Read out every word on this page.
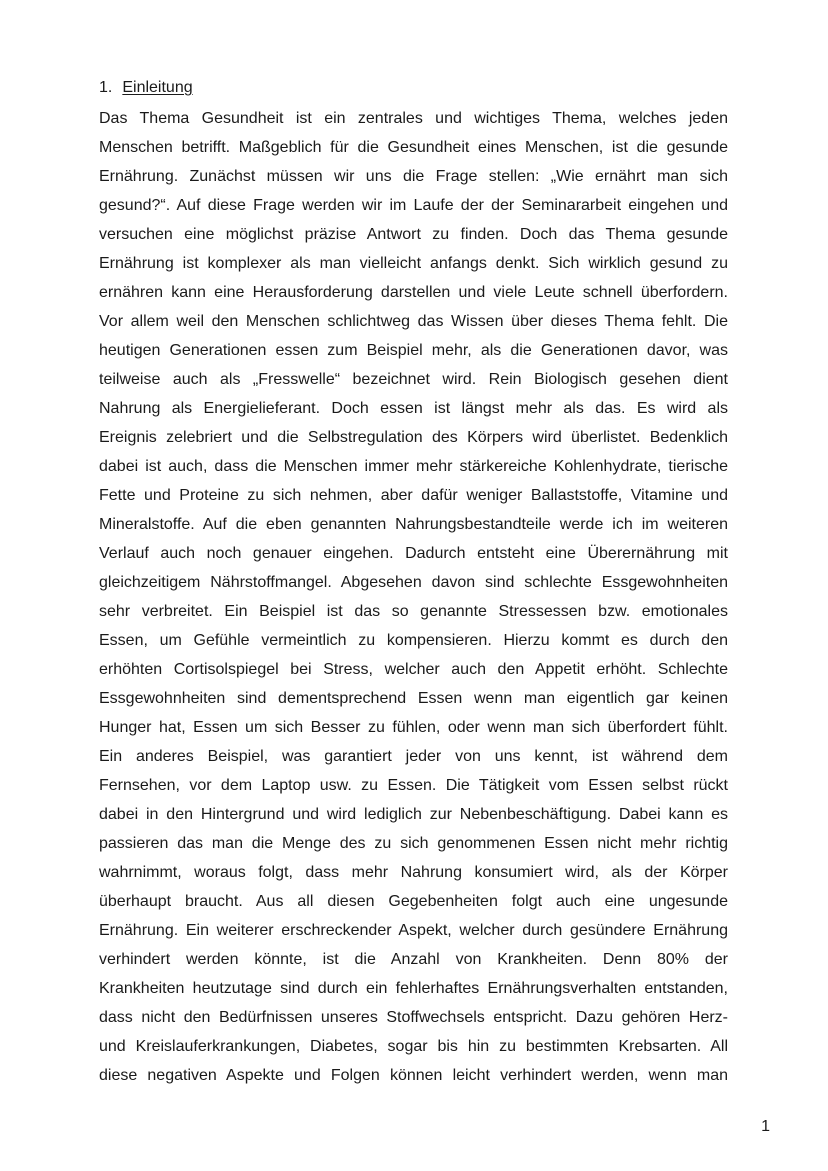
1. Einleitung
Das Thema Gesundheit ist ein zentrales und wichtiges Thema, welches jeden
Menschen betrifft. Maßgeblich für die Gesundheit eines Menschen, ist die gesunde
Ernährung. Zunächst müssen wir uns die Frage stellen: „Wie ernährt man sich
gesund?“. Auf diese Frage werden wir im Laufe der der Seminararbeit eingehen und
versuchen eine möglichst präzise Antwort zu finden. Doch das Thema gesunde
Ernährung ist komplexer als man vielleicht anfangs denkt. Sich wirklich gesund zu
ernähren kann eine Herausforderung darstellen und viele Leute schnell überfordern.
Vor allem weil den Menschen schlichtweg das Wissen über dieses Thema fehlt. Die
heutigen Generationen essen zum Beispiel mehr, als die Generationen davor, was
teilweise auch als „Fresswelle“ bezeichnet wird. Rein Biologisch gesehen dient
Nahrung als Energielieferant. Doch essen ist längst mehr als das. Es wird als
Ereignis zelebriert und die Selbstregulation des Körpers wird überlistet. Bedenklich
dabei ist auch, dass die Menschen immer mehr stärkereiche Kohlenhydrate, tierische
Fette und Proteine zu sich nehmen, aber dafür weniger Ballaststoffe, Vitamine und
Mineralstoffe. Auf die eben genannten Nahrungsbestandteile werde ich im weiteren
Verlauf auch noch genauer eingehen. Dadurch entsteht eine Überernährung mit
gleichzeitigem Nährstoffmangel. Abgesehen davon sind schlechte Essgewohnheiten
sehr verbreitet. Ein Beispiel ist das so genannte Stressessen bzw. emotionales
Essen, um Gefühle vermeintlich zu kompensieren. Hierzu kommt es durch den
erhöhten Cortisolspiegel bei Stress, welcher auch den Appetit erhöht. Schlechte
Essgewohnheiten sind dementsprechend Essen wenn man eigentlich gar keinen
Hunger hat, Essen um sich Besser zu fühlen, oder wenn man sich überfordert fühlt.
Ein anderes Beispiel, was garantiert jeder von uns kennt, ist während dem
Fernsehen, vor dem Laptop usw. zu Essen. Die Tätigkeit vom Essen selbst rückt
dabei in den Hintergrund und wird lediglich zur Nebenbeschäftigung. Dabei kann es
passieren das man die Menge des zu sich genommenen Essen nicht mehr richtig
wahrnimmt, woraus folgt, dass mehr Nahrung konsumiert wird, als der Körper
überhaupt braucht. Aus all diesen Gegebenheiten folgt auch eine ungesunde
Ernährung. Ein weiterer erschreckender Aspekt, welcher durch gesündere Ernährung
verhindert werden könnte, ist die Anzahl von Krankheiten. Denn 80% der
Krankheiten heutzutage sind durch ein fehlerhaftes Ernährungsverhalten entstanden,
dass nicht den Bedürfnissen unseres Stoffwechsels entspricht. Dazu gehören Herz-
und Kreislauferkrankungen, Diabetes, sogar bis hin zu bestimmten Krebsarten. All
diese negativen Aspekte und Folgen können leicht verhindert werden, wenn man
1
